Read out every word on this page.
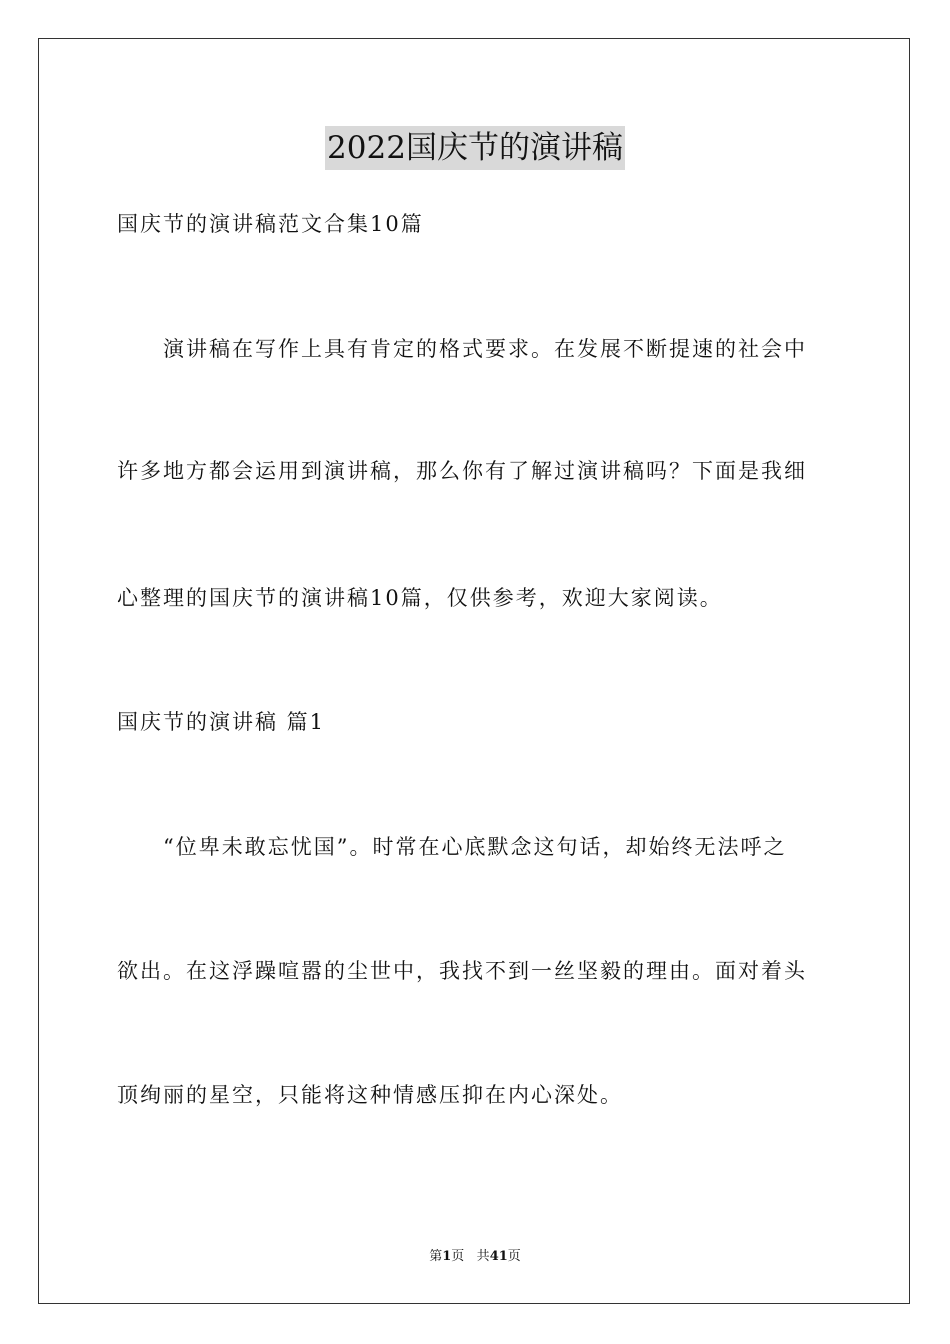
2022国庆节的演讲稿
国庆节的演讲稿范文合集10篇
演讲稿在写作上具有肯定的格式要求。在发展不断提速的社会中
许多地方都会运用到演讲稿，那么你有了解过演讲稿吗？下面是我细
心整理的国庆节的演讲稿10篇，仅供参考，欢迎大家阅读。
国庆节的演讲稿 篇1
“位卑未敢忘忧国”。时常在心底默念这句话，却始终无法呼之
欲出。在这浮躁喧嚣的尘世中，我找不到一丝坚毅的理由。面对着头
顶绚丽的星空，只能将这种情感压抑在内心深处。
第1页 共41页
